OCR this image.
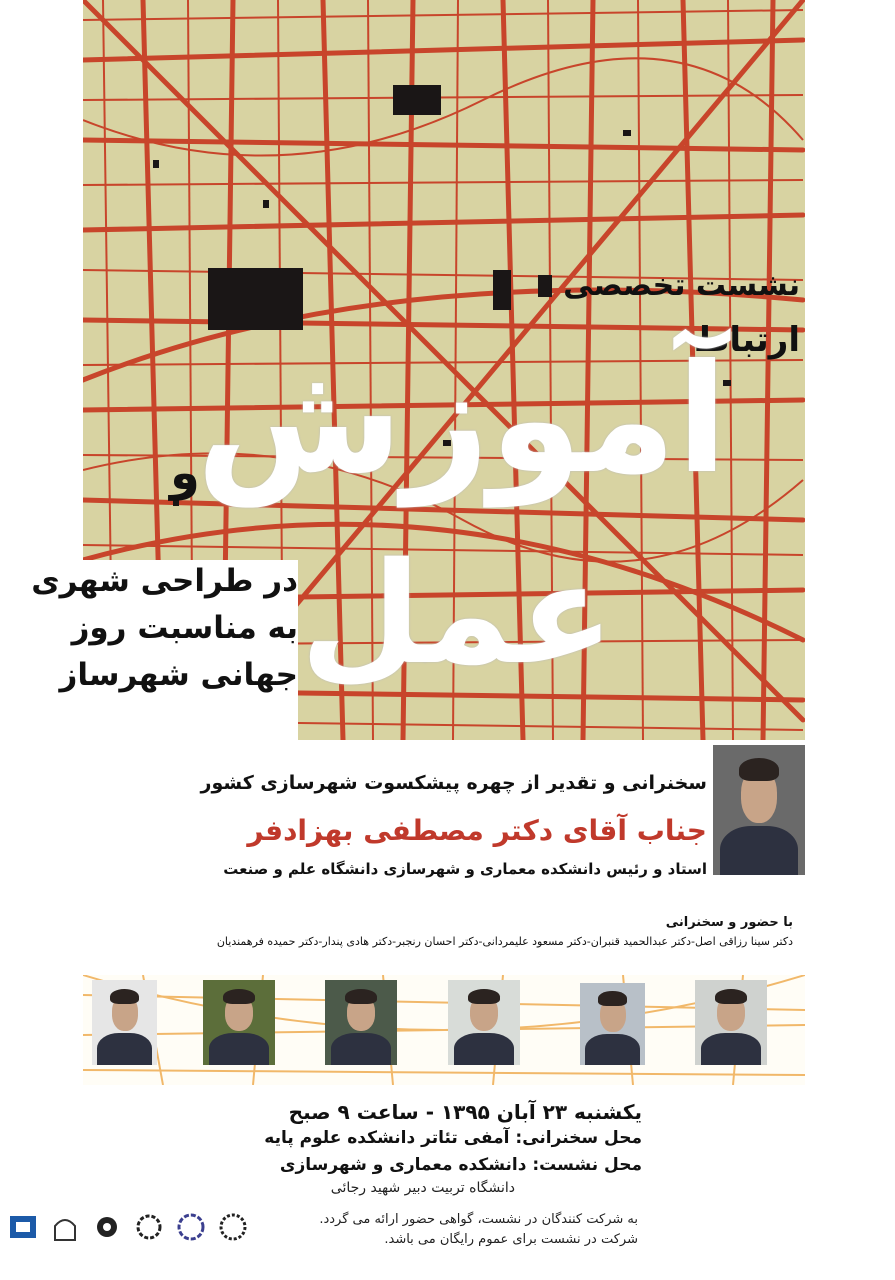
نشست تخصصی
ارتباط
آموزش
و
عمل
در طراحی شهری
به مناسبت روز
جهانی شهرساز
سخنرانی و تقدیر از چهره پیشکسوت شهرسازی کشور
جناب آقای دکتر مصطفی بهزادفر
استاد و رئیس دانشکده معماری و شهرسازی دانشگاه علم و صنعت
با حضور و سخنرانی
دکتر سینا رزاقی اصل-دکتر عبدالحمید قنبران-دکتر مسعود علیمردانی-دکتر احسان رنجبر-دکتر هادی پندار-دکتر حمیده فرهمندیان
یکشنبه ۲۳ آبان ۱۳۹۵ - ساعت ۹ صبح
محل سخنرانی: آمفی تئاتر دانشکده علوم پایه
محل نشست: دانشکده معماری و شهرسازی
دانشگاه تربیت دبیر شهید رجائی
به شرکت کنندگان در نشست، گواهی حضور ارائه می گردد.
شرکت در نشست برای عموم رایگان می باشد.
